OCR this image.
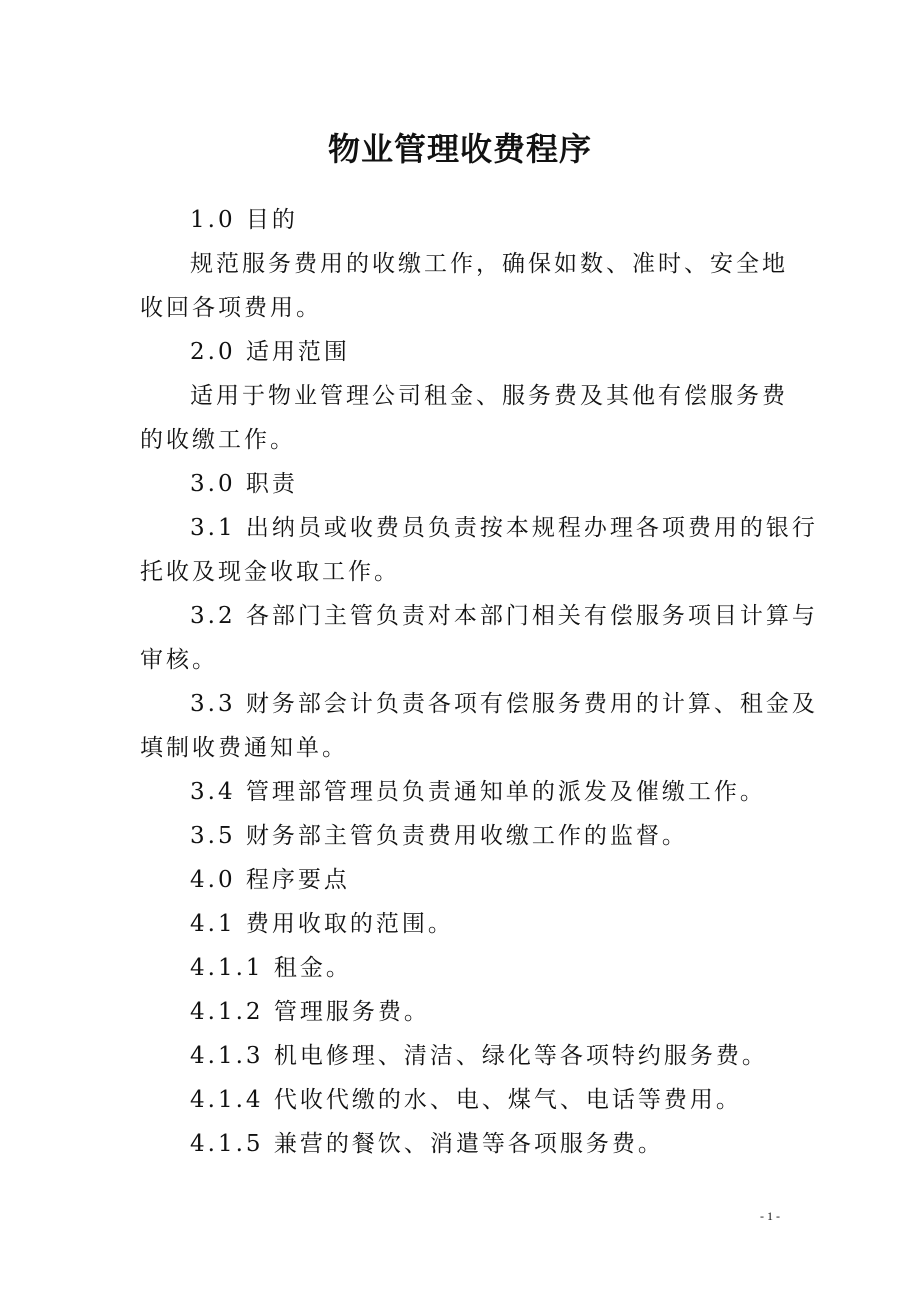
物业管理收费程序

1.0 目的

规范服务费用的收缴工作，确保如数、准时、安全地

收回各项费用。

2.0 适用范围

适用于物业管理公司租金、服务费及其他有偿服务费

的收缴工作。

3.0 职责

3.1 出纳员或收费员负责按本规程办理各项费用的银行

托收及现金收取工作。

3.2 各部门主管负责对本部门相关有偿服务项目计算与

审核。

3.3 财务部会计负责各项有偿服务费用的计算、租金及

填制收费通知单。

3.4 管理部管理员负责通知单的派发及催缴工作。

3.5 财务部主管负责费用收缴工作的监督。

4.0 程序要点

4.1 费用收取的范围。

4.1.1 租金。

4.1.2 管理服务费。

4.1.3 机电修理、清洁、绿化等各项特约服务费。

4.1.4 代收代缴的水、电、煤气、电话等费用。

4.1.5 兼营的餐饮、消遣等各项服务费。

- 1 -
